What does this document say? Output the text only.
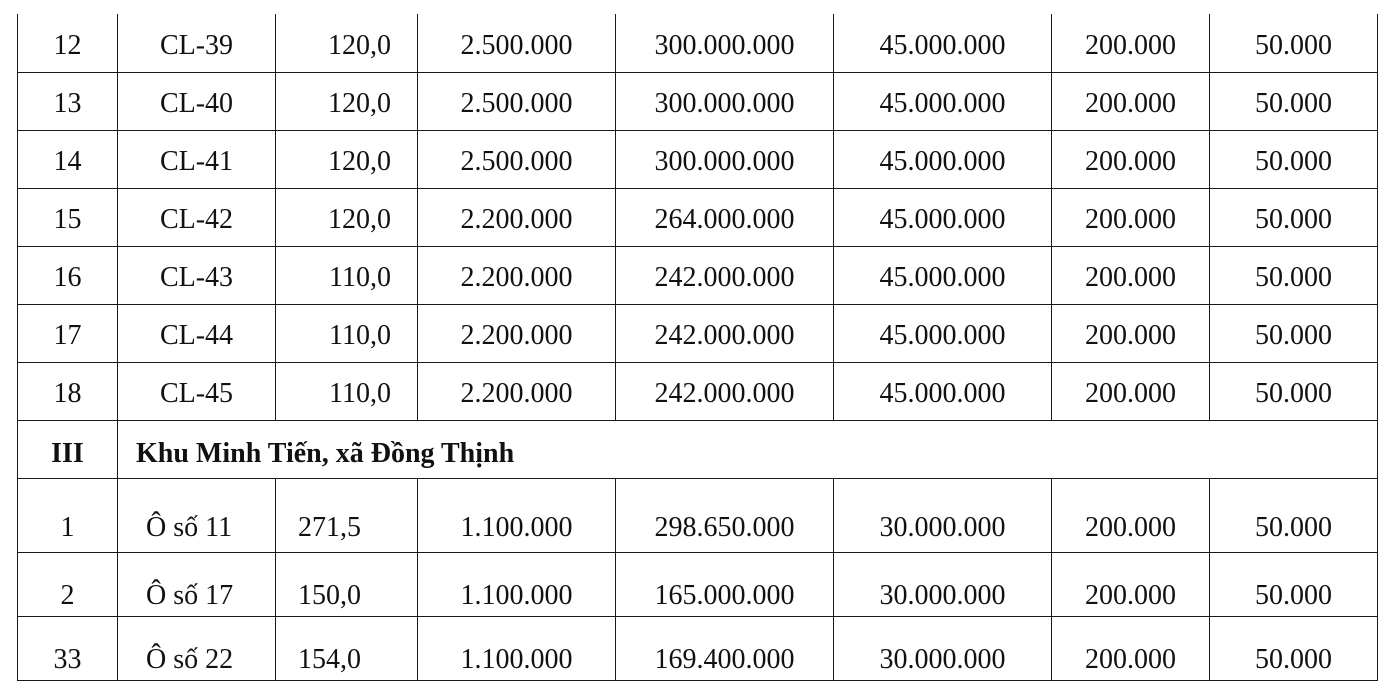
12	CL-39	120,0	2.500.000	300.000.000	45.000.000	200.000	50.000
13	CL-40	120,0	2.500.000	300.000.000	45.000.000	200.000	50.000
14	CL-41	120,0	2.500.000	300.000.000	45.000.000	200.000	50.000
15	CL-42	120,0	2.200.000	264.000.000	45.000.000	200.000	50.000
16	CL-43	110,0	2.200.000	242.000.000	45.000.000	200.000	50.000
17	CL-44	110,0	2.200.000	242.000.000	45.000.000	200.000	50.000
18	CL-45	110,0	2.200.000	242.000.000	45.000.000	200.000	50.000
III	Khu Minh Tiến, xã Đồng Thịnh						
1	Ô số 11	271,5	1.100.000	298.650.000	30.000.000	200.000	50.000
2	Ô số 17	150,0	1.100.000	165.000.000	30.000.000	200.000	50.000
33	Ô số 22	154,0	1.100.000	169.400.000	30.000.000	200.000	50.000
